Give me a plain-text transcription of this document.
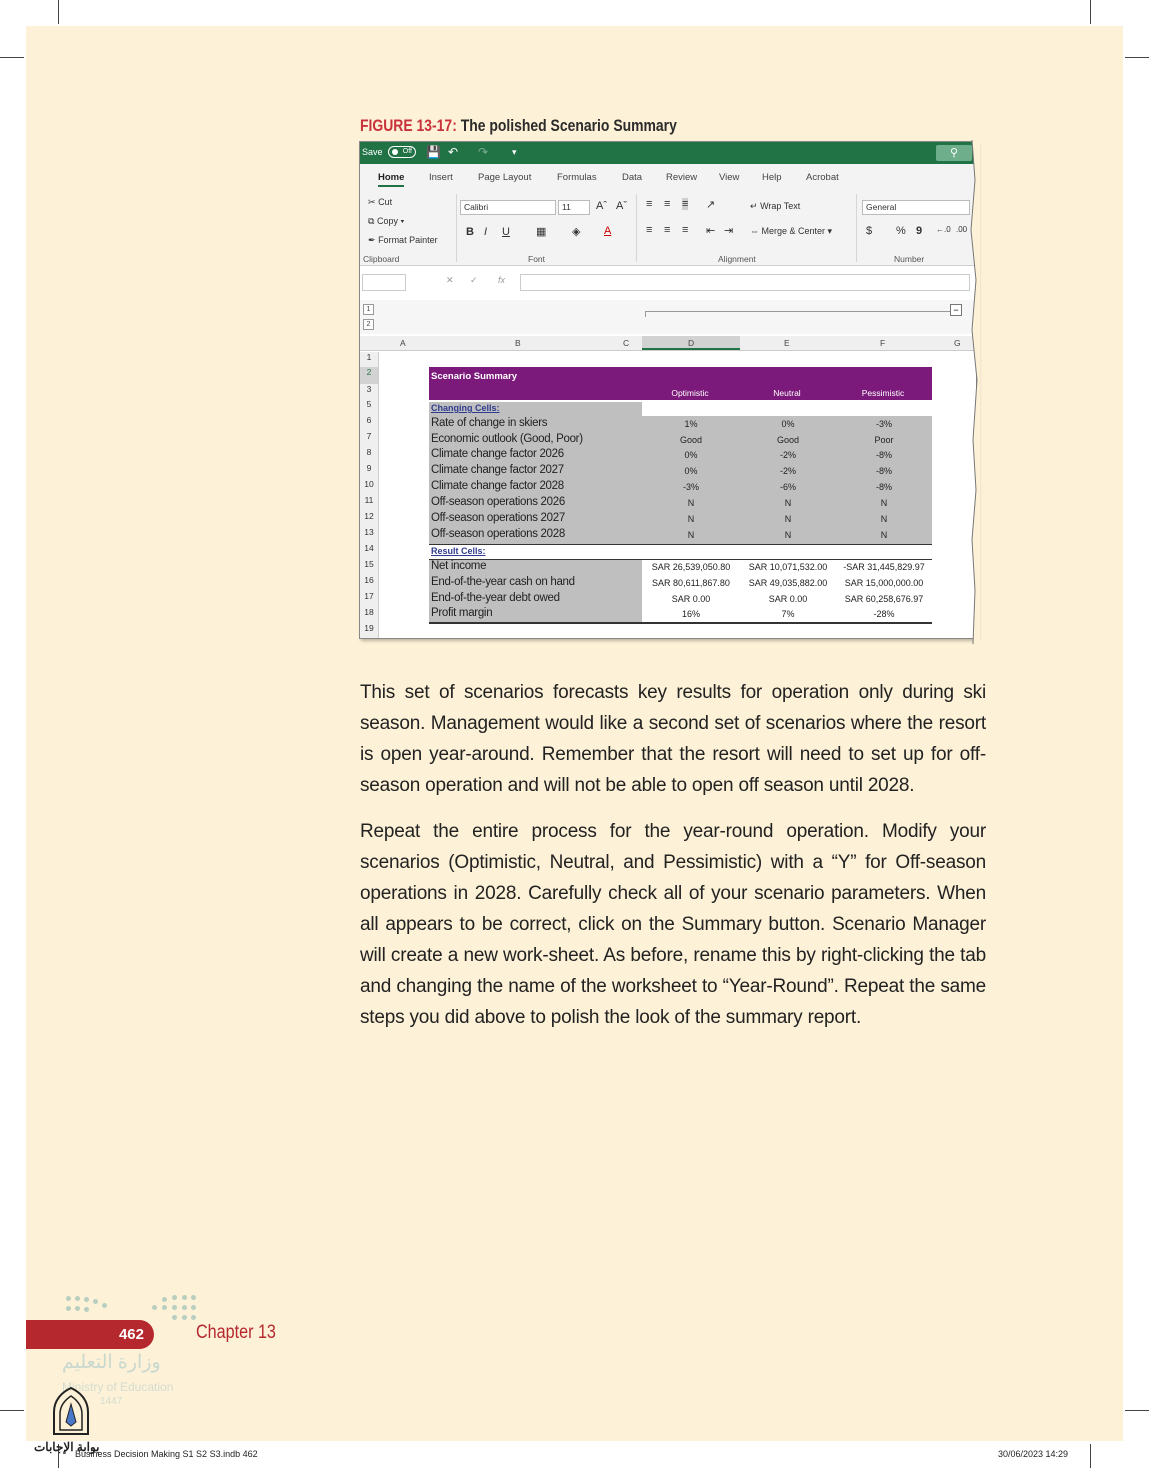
FIGURE 13-17: The polished Scenario Summary
Save	Off	💾 ↶ ↷	▾	⚲
Home	Insert	Page Layout	Formulas	Data	Review View Help	Acrobat
✂ Cut
⧉ Copy ▾
✒ Format Painter
Clipboard
Calibri	11	Aˆ Aˇ
B I U ▦ ◈ A
Font
≡ ≡ ≡ ↗
≡ ≡ ≡ ⇤ ⇥
↵ Wrap Text
⇔ Merge & Center ▾
Alignment
General
$ % 9 ←.0 .00
Number
✕ ✓ fx
1
2
−
A	B	C	D	E	F	G
1
2
3
5
6
7
8
9
10
11
12
13
14
15
16
17
18
19
Scenario Summary
Optimistic	Neutral	Pessimistic
Changing Cells:
Rate of change in skiers	1%	0%	-3%
Economic outlook (Good, Poor)	Good	Good	Poor
Climate change factor 2026	0%	-2%	-8%
Climate change factor 2027	0%	-2%	-8%
Climate change factor 2028	-3%	-6%	-8%
Off-season operations 2026	N	N	N
Off-season operations 2027	N	N	N
Off-season operations 2028	N	N	N
Result Cells:
Net income	SAR 26,539,050.80	SAR 10,071,532.00	-SAR 31,445,829.97
End-of-the-year cash on hand	SAR 80,611,867.80	SAR 49,035,882.00	SAR 15,000,000.00
End-of-the-year debt owed	SAR 0.00	SAR 0.00	SAR 60,258,676.97
Profit margin	16%	7%	-28%

This set of scenarios forecasts key results for operation only during ski season. Management would like a second set of scenarios where the resort is open year-around. Remember that the resort will need to set up for off-season operation and will not be able to open off season until 2028.

Repeat the entire process for the year-round operation. Modify your scenarios (Optimistic, Neutral, and Pessimistic) with a “Y” for Off-season operations in 2028. Carefully check all of your scenario parameters. When all appears to be correct, click on the Summary button. Scenario Manager will create a new work-sheet. As before, rename this by right-clicking the tab and changing the name of the worksheet to “Year-Round”. Repeat the same steps you did above to polish the look of the summary report.

462	Chapter 13
وزارة التعليم
Ministry of Education
1447
بوابة الإجابات
Business Decision Making S1 S2 S3.indb 462	30/06/2023 14:29
